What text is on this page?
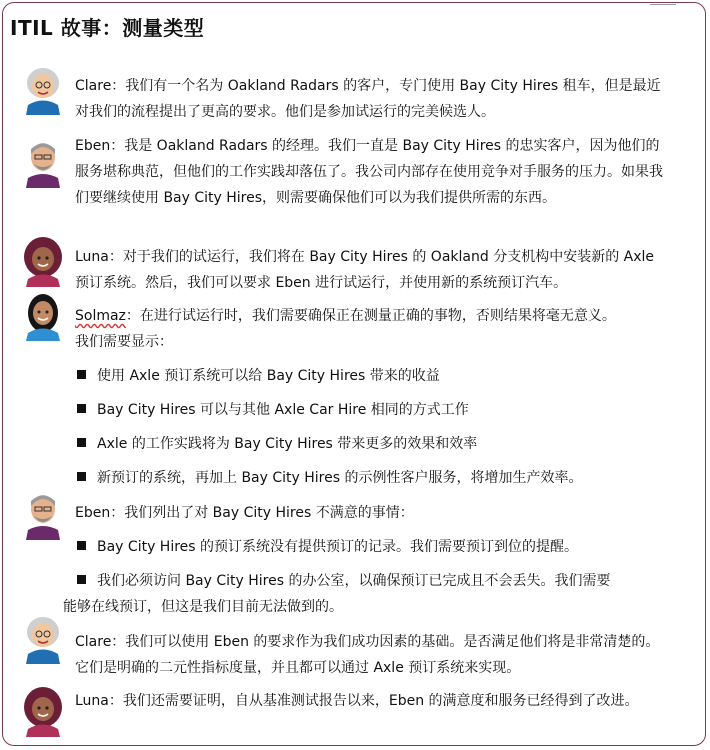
ITIL 故事：测量类型
Clare：我们有一个名为 Oakland Radars 的客户，专门使用 Bay City Hires 租车，但是最近对我们的流程提出了更高的要求。他们是参加试运行的完美候选人。
Eben：我是 Oakland Radars 的经理。我们一直是 Bay City Hires 的忠实客户，因为他们的服务堪称典范，但他们的工作实践却落伍了。我公司内部存在使用竞争对手服务的压力。如果我们要继续使用 Bay City Hires，则需要确保他们可以为我们提供所需的东西。
Luna：对于我们的试运行，我们将在 Bay City Hires 的 Oakland 分支机构中安装新的 Axle 预订系统。然后，我们可以要求 Eben 进行试运行，并使用新的系统预订汽车。
Solmaz：在进行试运行时，我们需要确保正在测量正确的事物，否则结果将毫无意义。
我们需要显示：
使用 Axle 预订系统可以给 Bay City Hires 带来的收益
Bay City Hires 可以与其他 Axle Car Hire 相同的方式工作
Axle 的工作实践将为 Bay City Hires 带来更多的效果和效率
新预订的系统，再加上 Bay City Hires 的示例性客户服务，将增加生产效率。
Eben：我们列出了对 Bay City Hires 不满意的事情：
Bay City Hires 的预订系统没有提供预订的记录。我们需要预订到位的提醒。
我们必须访问 Bay City Hires 的办公室，以确保预订已完成且不会丢失。我们需要
能够在线预订，但这是我们目前无法做到的。
Clare：我们可以使用 Eben 的要求作为我们成功因素的基础。是否满足他们将是非常清楚的。它们是明确的二元性指标度量，并且都可以通过 Axle 预订系统来实现。
Luna：我们还需要证明，自从基准测试报告以来，Eben 的满意度和服务已经得到了改进。
